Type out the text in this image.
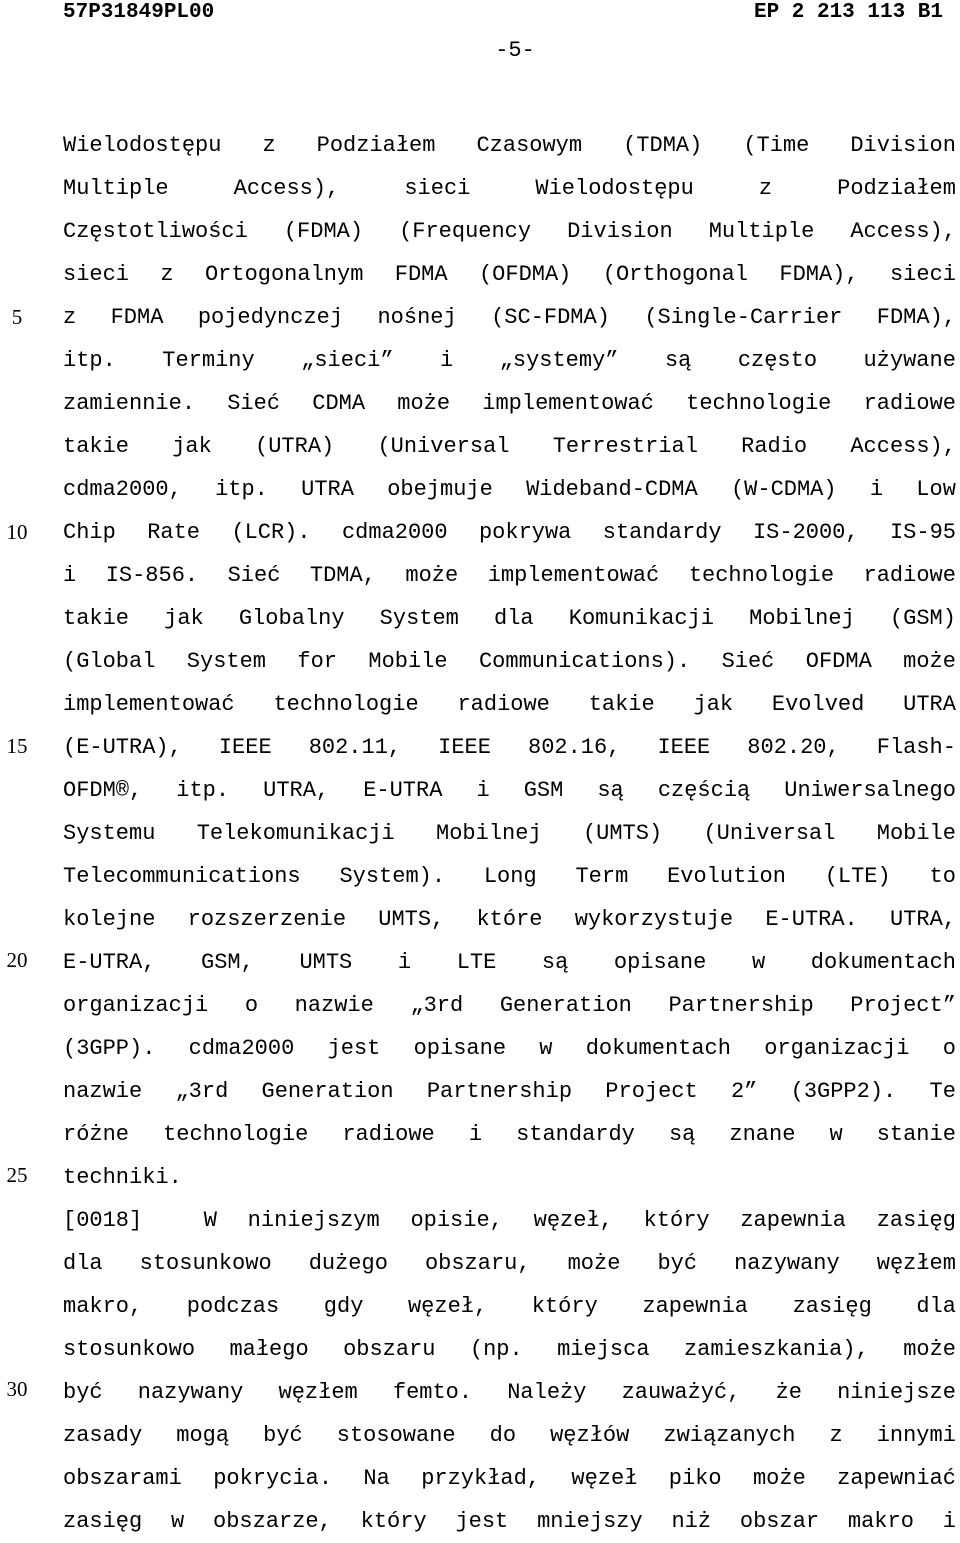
57P31849PL00	EP 2 213 113 B1
-5-
5
10
15
20
25
30
Wielodostępu z Podziałem Czasowym (TDMA) (Time Division
Multiple	Access),	sieci	Wielodostępu	z	Podziałem
Częstotliwości (FDMA) (Frequency Division Multiple Access),
sieci z Ortogonalnym FDMA (OFDMA) (Orthogonal FDMA), sieci
z FDMA pojedynczej nośnej (SC-FDMA) (Single-Carrier FDMA),
itp. Terminy „sieci” i „systemy” są często używane
zamiennie. Sieć CDMA może implementować technologie radiowe
takie jak (UTRA) (Universal Terrestrial Radio Access),
cdma2000, itp. UTRA obejmuje Wideband-CDMA (W-CDMA) i Low
Chip Rate (LCR). cdma2000 pokrywa standardy IS-2000, IS-95
i IS-856. Sieć TDMA, może implementować technologie radiowe
takie jak Globalny System dla Komunikacji Mobilnej (GSM)
(Global System for Mobile Communications). Sieć OFDMA może
implementować technologie radiowe takie jak Evolved UTRA
(E-UTRA), IEEE 802.11, IEEE 802.16, IEEE 802.20, Flash-
OFDM®, itp. UTRA, E-UTRA i GSM są częścią Uniwersalnego
Systemu Telekomunikacji Mobilnej (UMTS) (Universal Mobile
Telecommunications System). Long Term Evolution (LTE) to
kolejne rozszerzenie UMTS, które wykorzystuje E-UTRA. UTRA,
E-UTRA, GSM, UMTS i LTE są opisane w dokumentach
organizacji o nazwie „3rd Generation Partnership Project”
(3GPP). cdma2000 jest opisane w dokumentach organizacji o
nazwie „3rd Generation Partnership Project 2” (3GPP2). Te
różne technologie radiowe i standardy są znane w stanie
techniki.
[0018]	W niniejszym opisie, węzeł, który zapewnia zasięg
dla stosunkowo dużego obszaru, może być nazywany węzłem
makro, podczas gdy węzeł, który zapewnia zasięg dla
stosunkowo małego obszaru (np. miejsca zamieszkania), może
być nazywany węzłem femto. Należy zauważyć, że niniejsze
zasady mogą być stosowane do węzłów związanych z innymi
obszarami pokrycia. Na przykład, węzeł piko może zapewniać
zasięg w obszarze, który jest mniejszy niż obszar makro i
